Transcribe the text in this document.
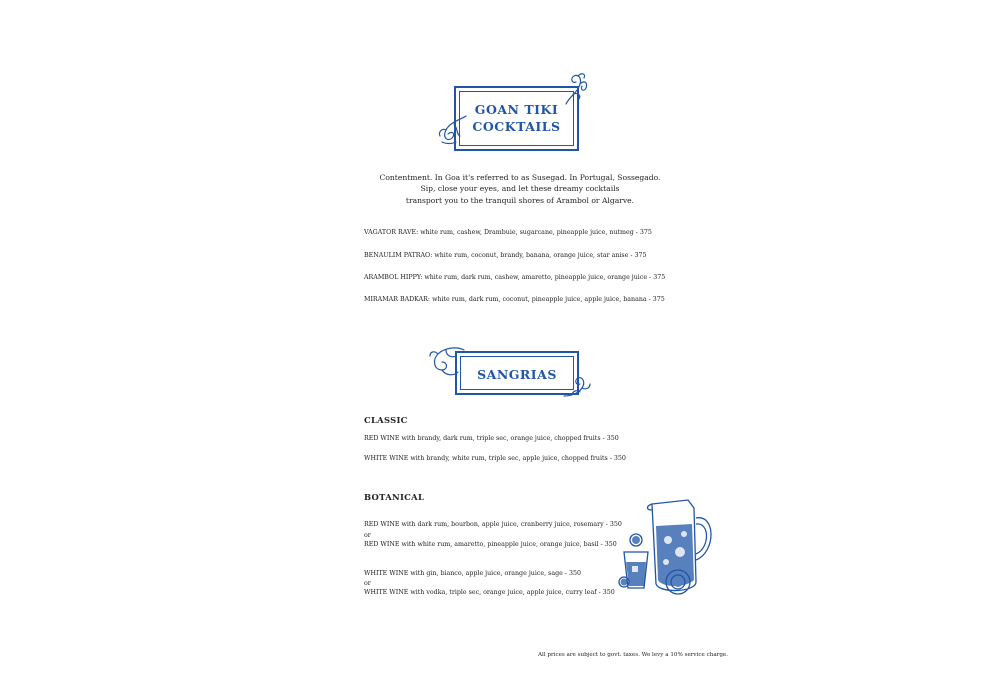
GOAN TIKI
COCKTAILS
Contentment. In Goa it's referred to as Susegad. In Portugal, Sossegado.
Sip, close your eyes, and let these dreamy cocktails
transport you to the tranquil shores of Arambol or Algarve.
VAGATOR RAVE: white rum, cashew, Drambuie, sugarcane, pineapple juice, nutmeg - 375
BENAULIM PATRAO: white rum, coconut, brandy, banana, orange juice, star anise - 375
ARAMBOL HIPPY: white rum, dark rum, cashew, amaretto, pineapple juice, orange juice - 375
MIRAMAR BADKAR: white rum, dark rum, coconut, pineapple juice, apple juice, banana - 375
SANGRIAS
CLASSIC
RED WINE with brandy, dark rum, triple sec, orange juice, chopped fruits - 350
WHITE WINE with brandy, white rum, triple sec, apple juice, chopped fruits - 350
BOTANICAL
RED WINE with dark rum, bourbon, apple juice, cranberry juice, rosemary - 350
or
RED WINE with white rum, amaretto, pineapple juice, orange juice, basil - 350
WHITE WINE with gin, bianco, apple juice, orange juice, sage - 350
or
WHITE WINE with vodka, triple sec, orange juice, apple juice, curry leaf - 350
All prices are subject to govt. taxes. We levy a 10% service charge.
